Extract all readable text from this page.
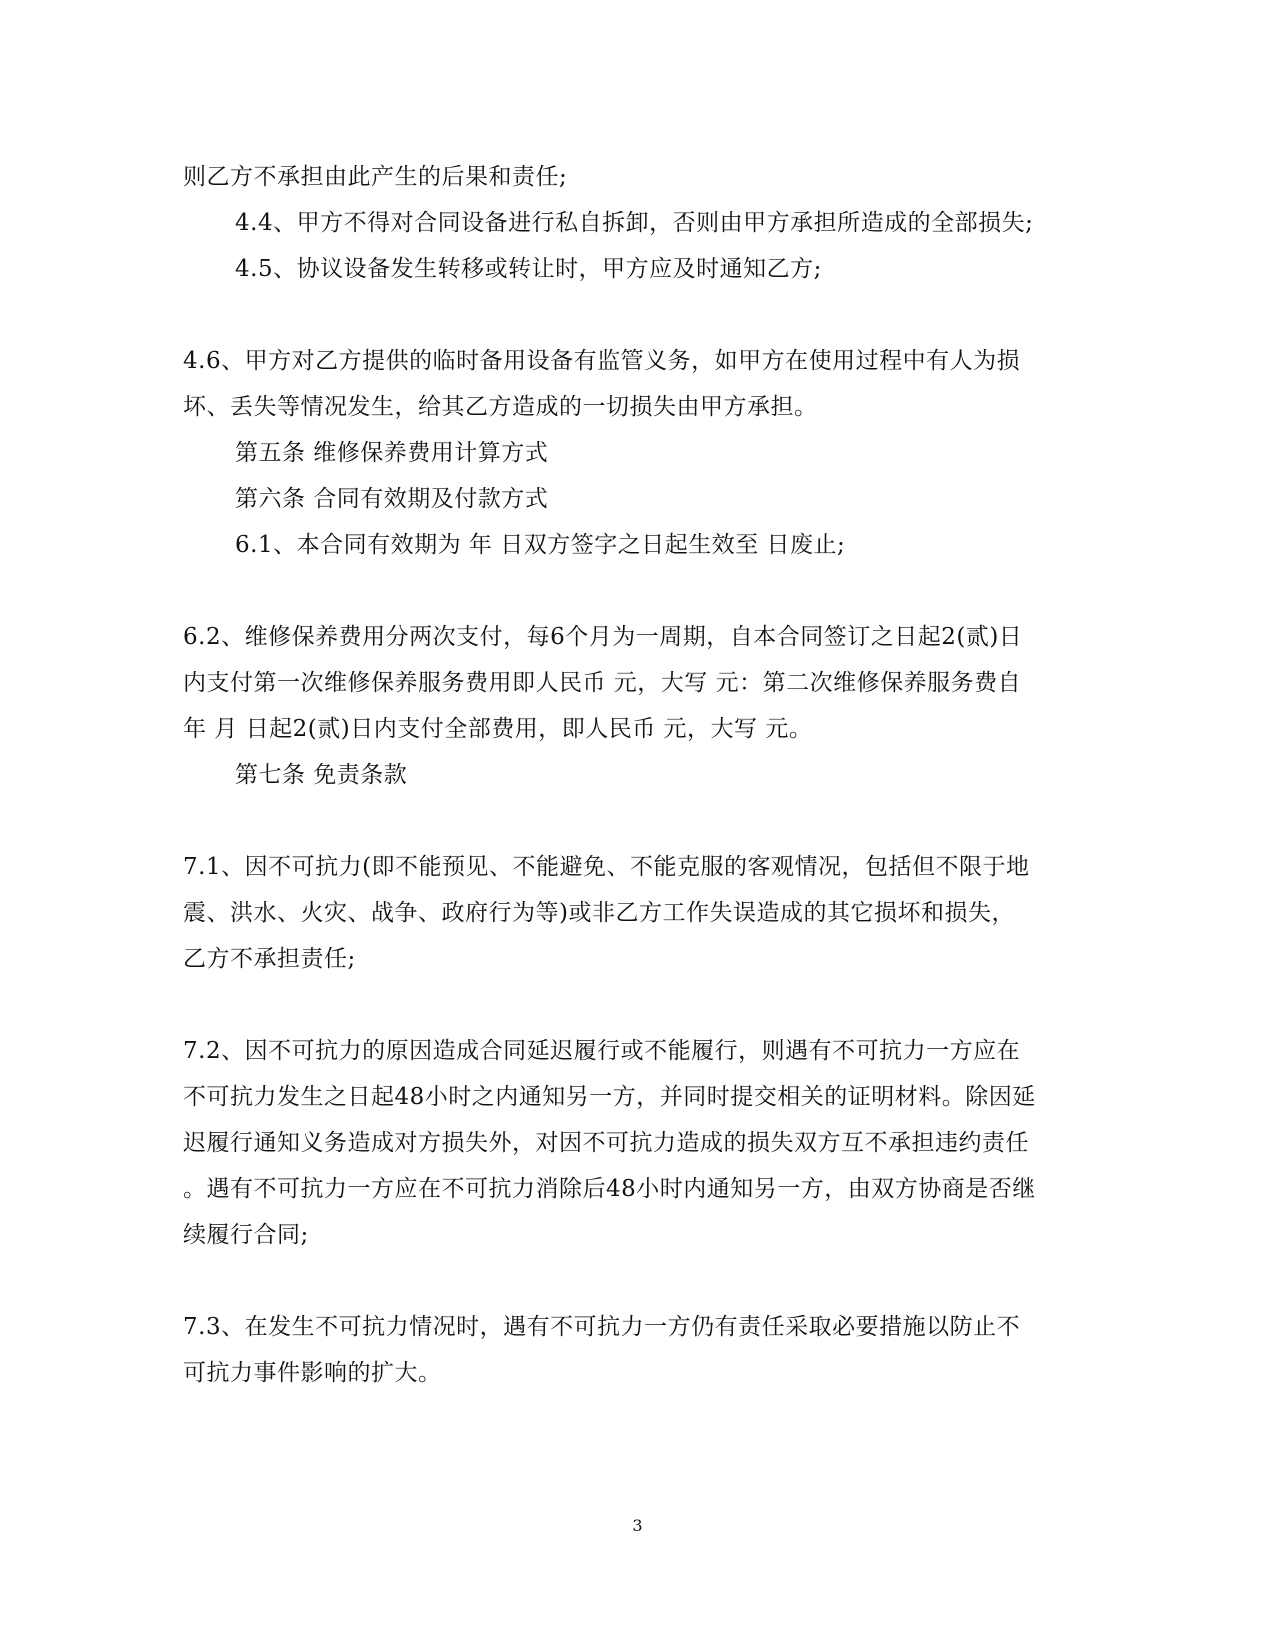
则乙方不承担由此产生的后果和责任;
4.4、甲方不得对合同设备进行私自拆卸，否则由甲方承担所造成的全部损失;
4.5、协议设备发生转移或转让时，甲方应及时通知乙方;
4.6、甲方对乙方提供的临时备用设备有监管义务，如甲方在使用过程中有人为损
坏、丢失等情况发生，给其乙方造成的一切损失由甲方承担。
第五条 维修保养费用计算方式
第六条 合同有效期及付款方式
6.1、本合同有效期为 年 日双方签字之日起生效至 日废止;
6.2、维修保养费用分两次支付，每6个月为一周期，自本合同签订之日起2(贰)日
内支付第一次维修保养服务费用即人民币 元，大写 元：第二次维修保养服务费自
年 月 日起2(贰)日内支付全部费用，即人民币 元，大写 元。
第七条 免责条款
7.1、因不可抗力(即不能预见、不能避免、不能克服的客观情况，包括但不限于地
震、洪水、火灾、战争、政府行为等)或非乙方工作失误造成的其它损坏和损失，
乙方不承担责任;
7.2、因不可抗力的原因造成合同延迟履行或不能履行，则遇有不可抗力一方应在
不可抗力发生之日起48小时之内通知另一方，并同时提交相关的证明材料。除因延
迟履行通知义务造成对方损失外，对因不可抗力造成的损失双方互不承担违约责任
。遇有不可抗力一方应在不可抗力消除后48小时内通知另一方，由双方协商是否继
续履行合同;
7.3、在发生不可抗力情况时，遇有不可抗力一方仍有责任采取必要措施以防止不
可抗力事件影响的扩大。
3
